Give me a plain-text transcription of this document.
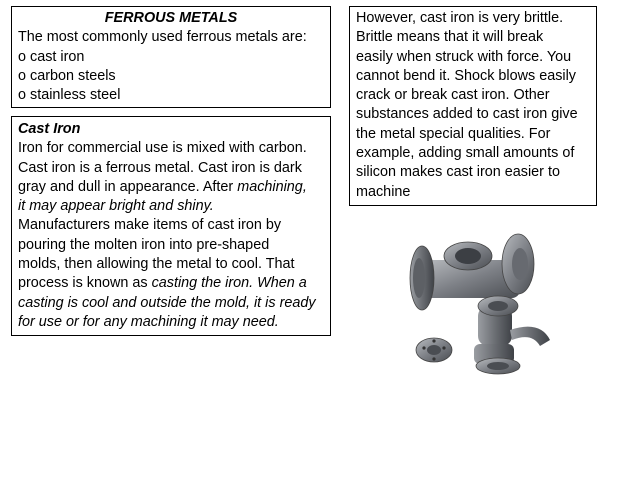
FERROUS METALS
The most commonly used ferrous metals are:
o cast iron
o carbon steels
o stainless steel
Cast Iron
Iron for commercial use is mixed with carbon.
Cast iron is a ferrous metal. Cast iron is dark
gray and dull in appearance. After machining,
it may appear bright and shiny.
Manufacturers make items of cast iron by
pouring the molten iron into pre-shaped
molds, then allowing the metal to cool. That
process is known as casting the iron. When a
casting is cool and outside the mold, it is ready
for use or for any machining it may need.
However, cast iron is very brittle.
Brittle means that it will break
easily when struck with force. You
cannot bend it. Shock blows easily
crack or break cast iron. Other
substances added to cast iron give
the metal special qualities. For
example, adding small amounts of
silicon makes cast iron easier to
machine
